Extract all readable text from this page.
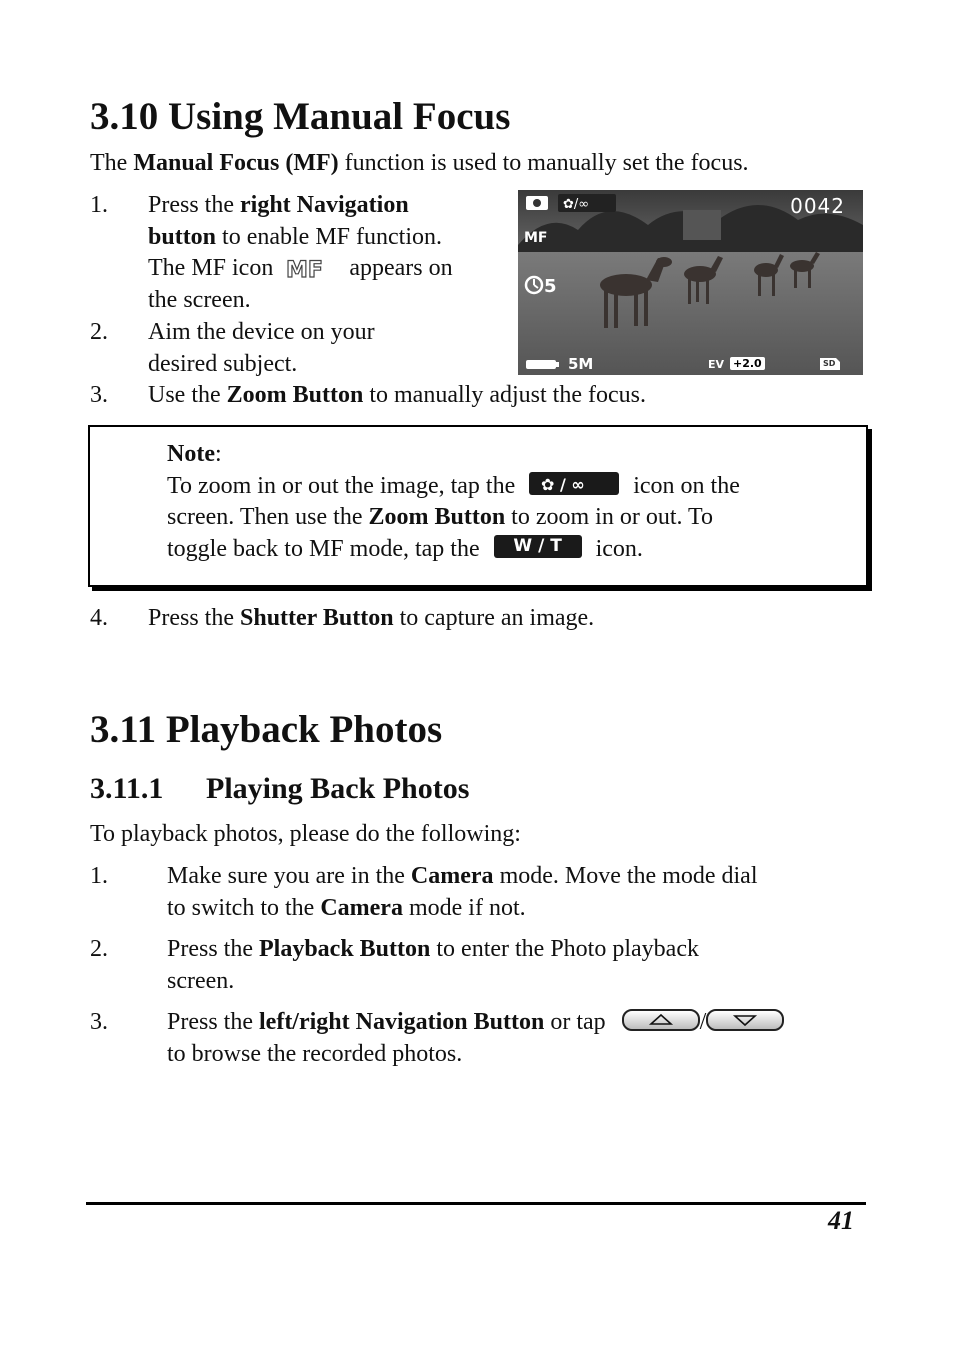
3.10 Using Manual Focus
The Manual Focus (MF) function is used to manually set the focus.
1. Press the right Navigation
button to enable MF function.
The MF icon MF appears on
the screen.
2. Aim the device on your
desired subject.
✿/∞	0042
MF
5
5M	EV +2.0	SD
3. Use the Zoom Button to manually adjust the focus.
Note:
To zoom in or out the image, tap the ✿ / ∞ icon on the
screen. Then use the Zoom Button to zoom in or out. To
toggle back to MF mode, tap the W / T icon.
4. Press the Shutter Button to capture an image.
3.11 Playback Photos
3.11.1 Playing Back Photos
To playback photos, please do the following:
1. Make sure you are in the Camera mode. Move the mode dial
to switch to the Camera mode if not.
2. Press the Playback Button to enter the Photo playback
screen.
3. Press the left/right Navigation Button or tap	/
to browse the recorded photos.
41
